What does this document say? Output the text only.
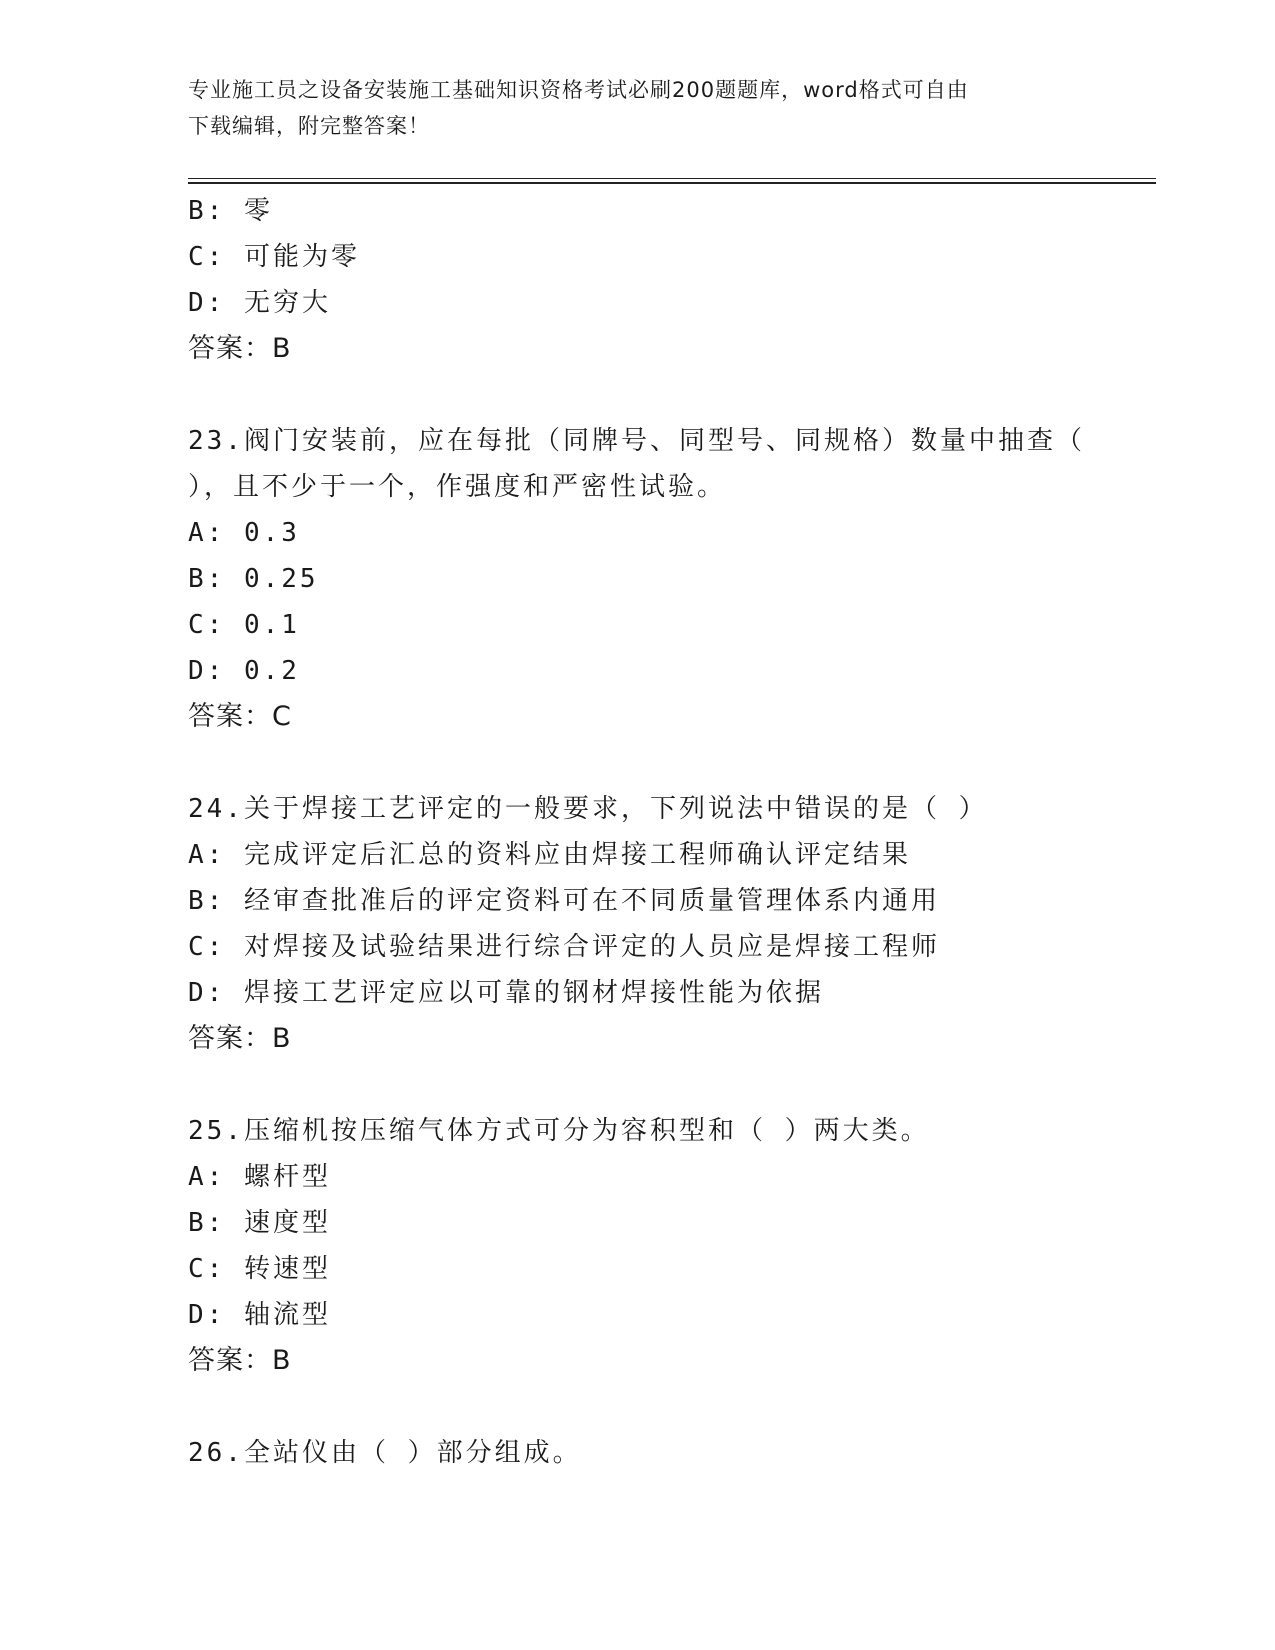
专业施工员之设备安装施工基础知识资格考试必刷200题题库，word格式可自由
下载编辑，附完整答案！
B: 零
C: 可能为零
D: 无穷大
答案：B
23.阀门安装前，应在每批（同牌号、同型号、同规格）数量中抽查（
），且不少于一个，作强度和严密性试验。
A: 0.3
B: 0.25
C: 0.1
D: 0.2
答案：C
24.关于焊接工艺评定的一般要求，下列说法中错误的是（ ）
A: 完成评定后汇总的资料应由焊接工程师确认评定结果
B: 经审查批准后的评定资料可在不同质量管理体系内通用
C: 对焊接及试验结果进行综合评定的人员应是焊接工程师
D: 焊接工艺评定应以可靠的钢材焊接性能为依据
答案：B
25.压缩机按压缩气体方式可分为容积型和（ ）两大类。
A: 螺杆型
B: 速度型
C: 转速型
D: 轴流型
答案：B
26.全站仪由（ ）部分组成。
